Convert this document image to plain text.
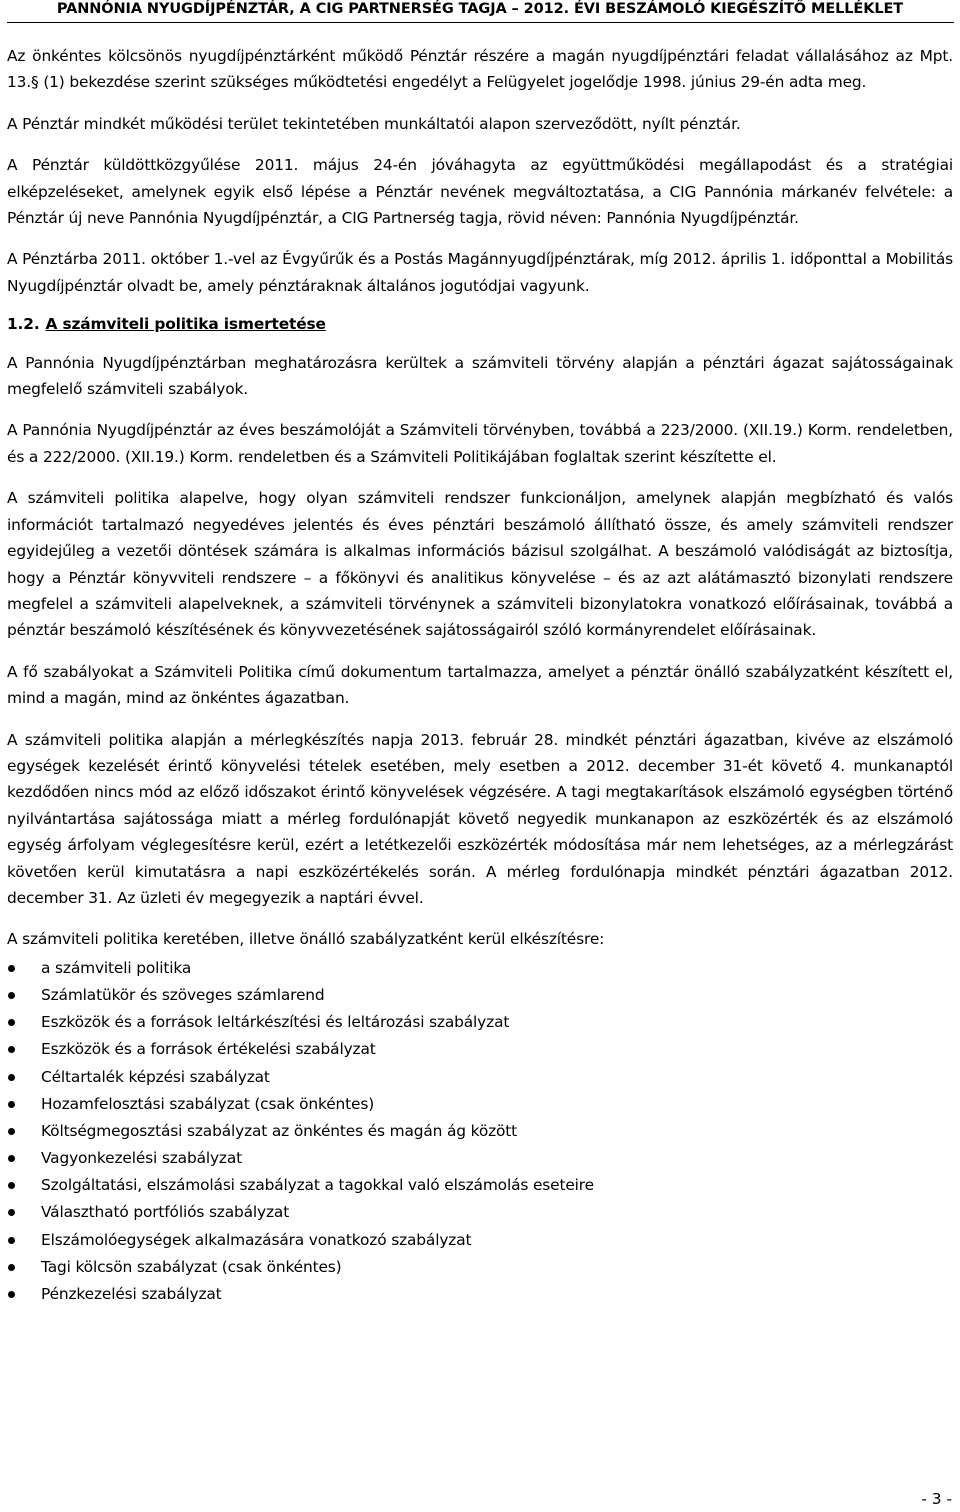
PANNÓNIA NYUGDÍJPÉNZTÁR, A CIG PARTNERSÉG TAGJA – 2012. ÉVI BESZÁMOLÓ KIEGÉSZÍTŐ MELLÉKLET

Az önkéntes kölcsönös nyugdíjpénztárként működő Pénztár részére a magán nyugdíjpénztári feladat vállalásához az Mpt. 13.§ (1) bekezdése szerint szükséges működtetési engedélyt a Felügyelet jogelődje 1998. június 29-én adta meg.

A Pénztár mindkét működési terület tekintetében munkáltatói alapon szerveződött, nyílt pénztár.

A Pénztár küldöttközgyűlése 2011. május 24-én jóváhagyta az együttműködési megállapodást és a stratégiai elképzeléseket, amelynek egyik első lépése a Pénztár nevének megváltoztatása, a CIG Pannónia márkanév felvétele: a Pénztár új neve Pannónia Nyugdíjpénztár, a CIG Partnerség tagja, rövid néven: Pannónia Nyugdíjpénztár.

A Pénztárba 2011. október 1.-vel az Évgyűrűk és a Postás Magánnyugdíjpénztárak, míg 2012. április 1. időponttal a Mobilitás Nyugdíjpénztár olvadt be, amely pénztáraknak általános jogutódjai vagyunk.

1.2. A számviteli politika ismertetése

A Pannónia Nyugdíjpénztárban meghatározásra kerültek a számviteli törvény alapján a pénztári ágazat sajátosságainak megfelelő számviteli szabályok.

A Pannónia Nyugdíjpénztár az éves beszámolóját a Számviteli törvényben, továbbá a 223/2000. (XII.19.) Korm. rendeletben, és a 222/2000. (XII.19.) Korm. rendeletben és a Számviteli Politikájában foglaltak szerint készítette el.

A számviteli politika alapelve, hogy olyan számviteli rendszer funkcionáljon, amelynek alapján megbízható és valós információt tartalmazó negyedéves jelentés és éves pénztári beszámoló állítható össze, és amely számviteli rendszer egyidejűleg a vezetői döntések számára is alkalmas információs bázisul szolgálhat. A beszámoló valódiságát az biztosítja, hogy a Pénztár könyvviteli rendszere – a főkönyvi és analitikus könyvelése – és az azt alátámasztó bizonylati rendszere megfelel a számviteli alapelveknek, a számviteli törvénynek a számviteli bizonylatokra vonatkozó előírásainak, továbbá a pénztár beszámoló készítésének és könyvvezetésének sajátosságairól szóló kormányrendelet előírásainak.

A fő szabályokat a Számviteli Politika című dokumentum tartalmazza, amelyet a pénztár önálló szabályzatként készített el, mind a magán, mind az önkéntes ágazatban.

A számviteli politika alapján a mérlegkészítés napja 2013. február 28. mindkét pénztári ágazatban, kivéve az elszámoló egységek kezelését érintő könyvelési tételek esetében, mely esetben a 2012. december 31-ét követő 4. munkanaptól kezdődően nincs mód az előző időszakot érintő könyvelések végzésére. A tagi megtakarítások elszámoló egységben történő nyilvántartása sajátossága miatt a mérleg fordulónapját követő negyedik munkanapon az eszközérték és az elszámoló egység árfolyam véglegesítésre kerül, ezért a letétkezelői eszközérték módosítása már nem lehetséges, az a mérlegzárást követően kerül kimutatásra a napi eszközértékelés során. A mérleg fordulónapja mindkét pénztári ágazatban 2012. december 31. Az üzleti év megegyezik a naptári évvel.

A számviteli politika keretében, illetve önálló szabályzatként kerül elkészítésre:

a számviteli politika
Számlatükör és szöveges számlarend
Eszközök és a források leltárkészítési és leltározási szabályzat
Eszközök és a források értékelési szabályzat
Céltartalék képzési szabályzat
Hozamfelosztási szabályzat (csak önkéntes)
Költségmegosztási szabályzat az önkéntes és magán ág között
Vagyonkezelési szabályzat
Szolgáltatási, elszámolási szabályzat a tagokkal való elszámolás eseteire
Választható portfóliós szabályzat
Elszámolóegységek alkalmazására vonatkozó szabályzat
Tagi kölcsön szabályzat (csak önkéntes)
Pénzkezelési szabályzat
- 3 -
